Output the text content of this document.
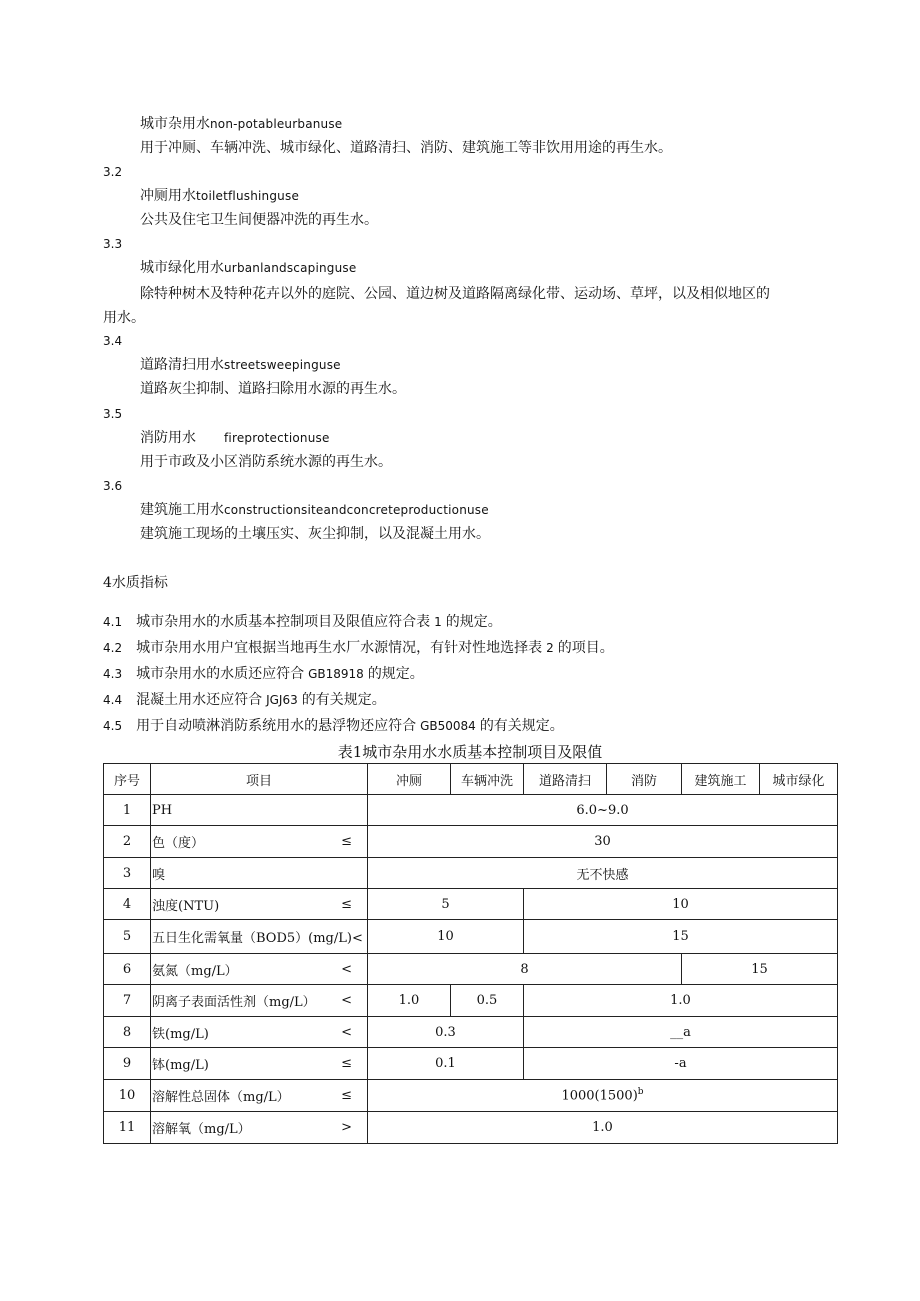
城市杂用水non-potableurbanuse
用于冲厕、车辆冲洗、城市绿化、道路清扫、消防、建筑施工等非饮用用途的再生水。
3.2
冲厕用水toiletflushinguse
公共及住宅卫生间便器冲洗的再生水。
3.3
城市绿化用水urbanlandscapinguse
除特种树木及特种花卉以外的庭院、公园、道边树及道路隔离绿化带、运动场、草坪，以及相似地区的
用水。
3.4
道路清扫用水streetsweepinguse
道路灰尘抑制、道路扫除用水源的再生水。
3.5
消防用水 fireprotectionuse
用于市政及小区消防系统水源的再生水。
3.6
建筑施工用水constructionsiteandconcreteproductionuse
建筑施工现场的土壤压实、灰尘抑制，以及混凝土用水。
4水质指标
4.1 城市杂用水的水质基本控制项目及限值应符合表 1 的规定。
4.2 城市杂用水用户宜根据当地再生水厂水源情况，有针对性地选择表 2 的项目。
4.3 城市杂用水的水质还应符合 GB18918 的规定。
4.4 混凝土用水还应符合 JGJ63 的有关规定。
4.5 用于自动喷淋消防系统用水的悬浮物还应符合 GB50084 的有关规定。
表1城市杂用水水质基本控制项目及限值
序号	项目	冲厕	车辆冲洗	道路清扫	消防	建筑施工	城市绿化
1	PH	6.0~9.0					
2	色（度） ≤	30					
3	嗅	无不快感					
4	浊度(NTU) ≤	5		10			
5	五日生化需氧量（BOD5）(mg/L)<	10		15			
6	氨氮（mg/L） <	8				15	
7	阴离子表面活性剂（mg/L） <	1.0	0.5	1.0			
8	铁(mg/L) <	0.3		__a			
9	钵(mg/L) ≤	0.1		-a			
10	溶解性总固体（mg/L） ≤	$1000(1500)^b$
11	溶解氧（mg/L） >	1.0					
